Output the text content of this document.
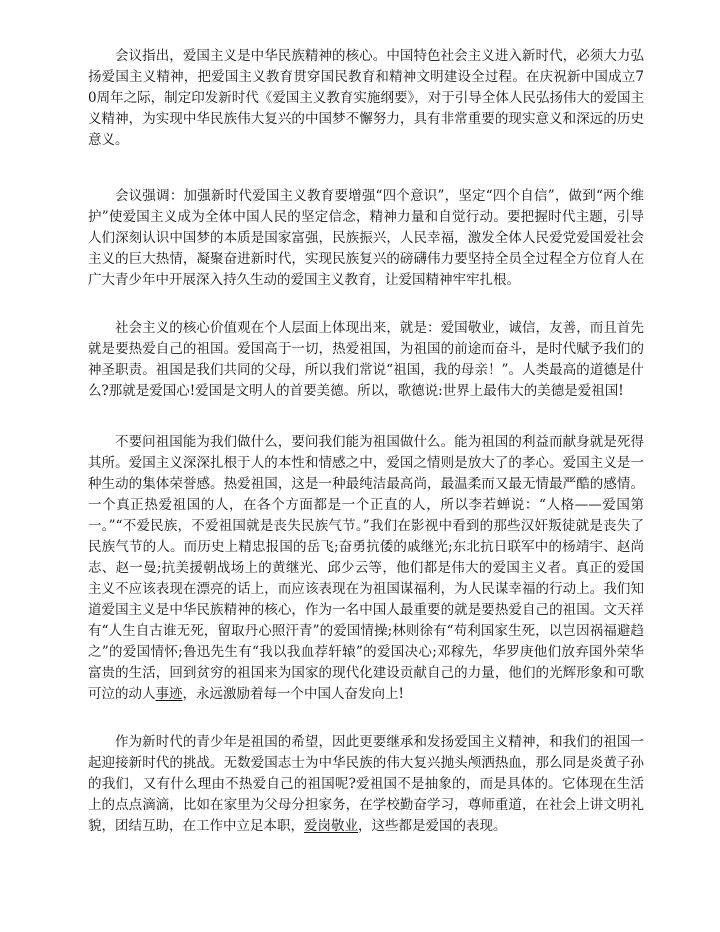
会议指出，爱国主义是中华民族精神的核心。中国特色社会主义进入新时代，必须大力弘扬爱国主义精神，把爱国主义教育贯穿国民教育和精神文明建设全过程。在庆祝新中国成立70周年之际，制定印发新时代《爱国主义教育实施纲要》，对于引导全体人民弘扬伟大的爱国主义精神，为实现中华民族伟大复兴的中国梦不懈努力，具有非常重要的现实意义和深远的历史意义。

会议强调：加强新时代爱国主义教育要增强“四个意识”，坚定“四个自信”，做到“两个维护”使爱国主义成为全体中国人民的坚定信念，精神力量和自觉行动。要把握时代主题，引导人们深刻认识中国梦的本质是国家富强，民族振兴，人民幸福，激发全体人民爱党爱国爱社会主义的巨大热情，凝聚奋进新时代，实现民族复兴的磅礴伟力要坚持全员全过程全方位育人在广大青少年中开展深入持久生动的爱国主义教育，让爱国精神牢牢扎根。

社会主义的核心价值观在个人层面上体现出来，就是：爱国敬业，诚信，友善，而且首先就是要热爱自己的祖国。爱国高于一切，热爱祖国，为祖国的前途而奋斗，是时代赋予我们的神圣职责。祖国是我们共同的父母，所以我们常说“祖国，我的母亲！”。人类最高的道德是什么?那就是爱国心!爱国是文明人的首要美德。所以，歌德说:世界上最伟大的美德是爱祖国!

不要问祖国能为我们做什么，要问我们能为祖国做什么。能为祖国的利益而献身就是死得其所。爱国主义深深扎根于人的本性和情感之中，爱国之情则是放大了的孝心。爱国主义是一种生动的集体荣誉感。热爱祖国，这是一种最纯洁最高尚，最温柔而又最无情最严酷的感情。一个真正热爱祖国的人，在各个方面都是一个正直的人，所以李若蝉说：“人格——爱国第一。”“不爱民族，不爱祖国就是丧失民族气节。”我们在影视中看到的那些汉奸叛徒就是丧失了民族气节的人。而历史上精忠报国的岳飞;奋勇抗倭的戚继光;东北抗日联军中的杨靖宇、赵尚志、赵一曼;抗美援朝战场上的黄继光、邱少云等，他们都是伟大的爱国主义者。真正的爱国主义不应该表现在漂亮的话上，而应该表现在为祖国谋福利，为人民谋幸福的行动上。我们知道爱国主义是中华民族精神的核心，作为一名中国人最重要的就是要热爱自己的祖国。文天祥有“人生自古谁无死，留取丹心照汗青”的爱国情操;林则徐有“苟利国家生死，以岂因祸福避趋之”的爱国情怀;鲁迅先生有“我以我血荐轩辕”的爱国决心;邓稼先，华罗庚他们放弃国外荣华富贵的生活，回到贫穷的祖国来为国家的现代化建设贡献自己的力量，他们的光辉形象和可歌可泣的动人事迹，永远激励着每一个中国人奋发向上!

作为新时代的青少年是祖国的希望，因此更要继承和发扬爱国主义精神，和我们的祖国一起迎接新时代的挑战。无数爱国志士为中华民族的伟大复兴抛头颅洒热血，那么同是炎黄子孙的我们，又有什么理由不热爱自己的祖国呢?爱祖国不是抽象的，而是具体的。它体现在生活上的点点滴滴，比如在家里为父母分担家务，在学校勤奋学习，尊师重道，在社会上讲文明礼貌，团结互助，在工作中立足本职，爱岗敬业，这些都是爱国的表现。
